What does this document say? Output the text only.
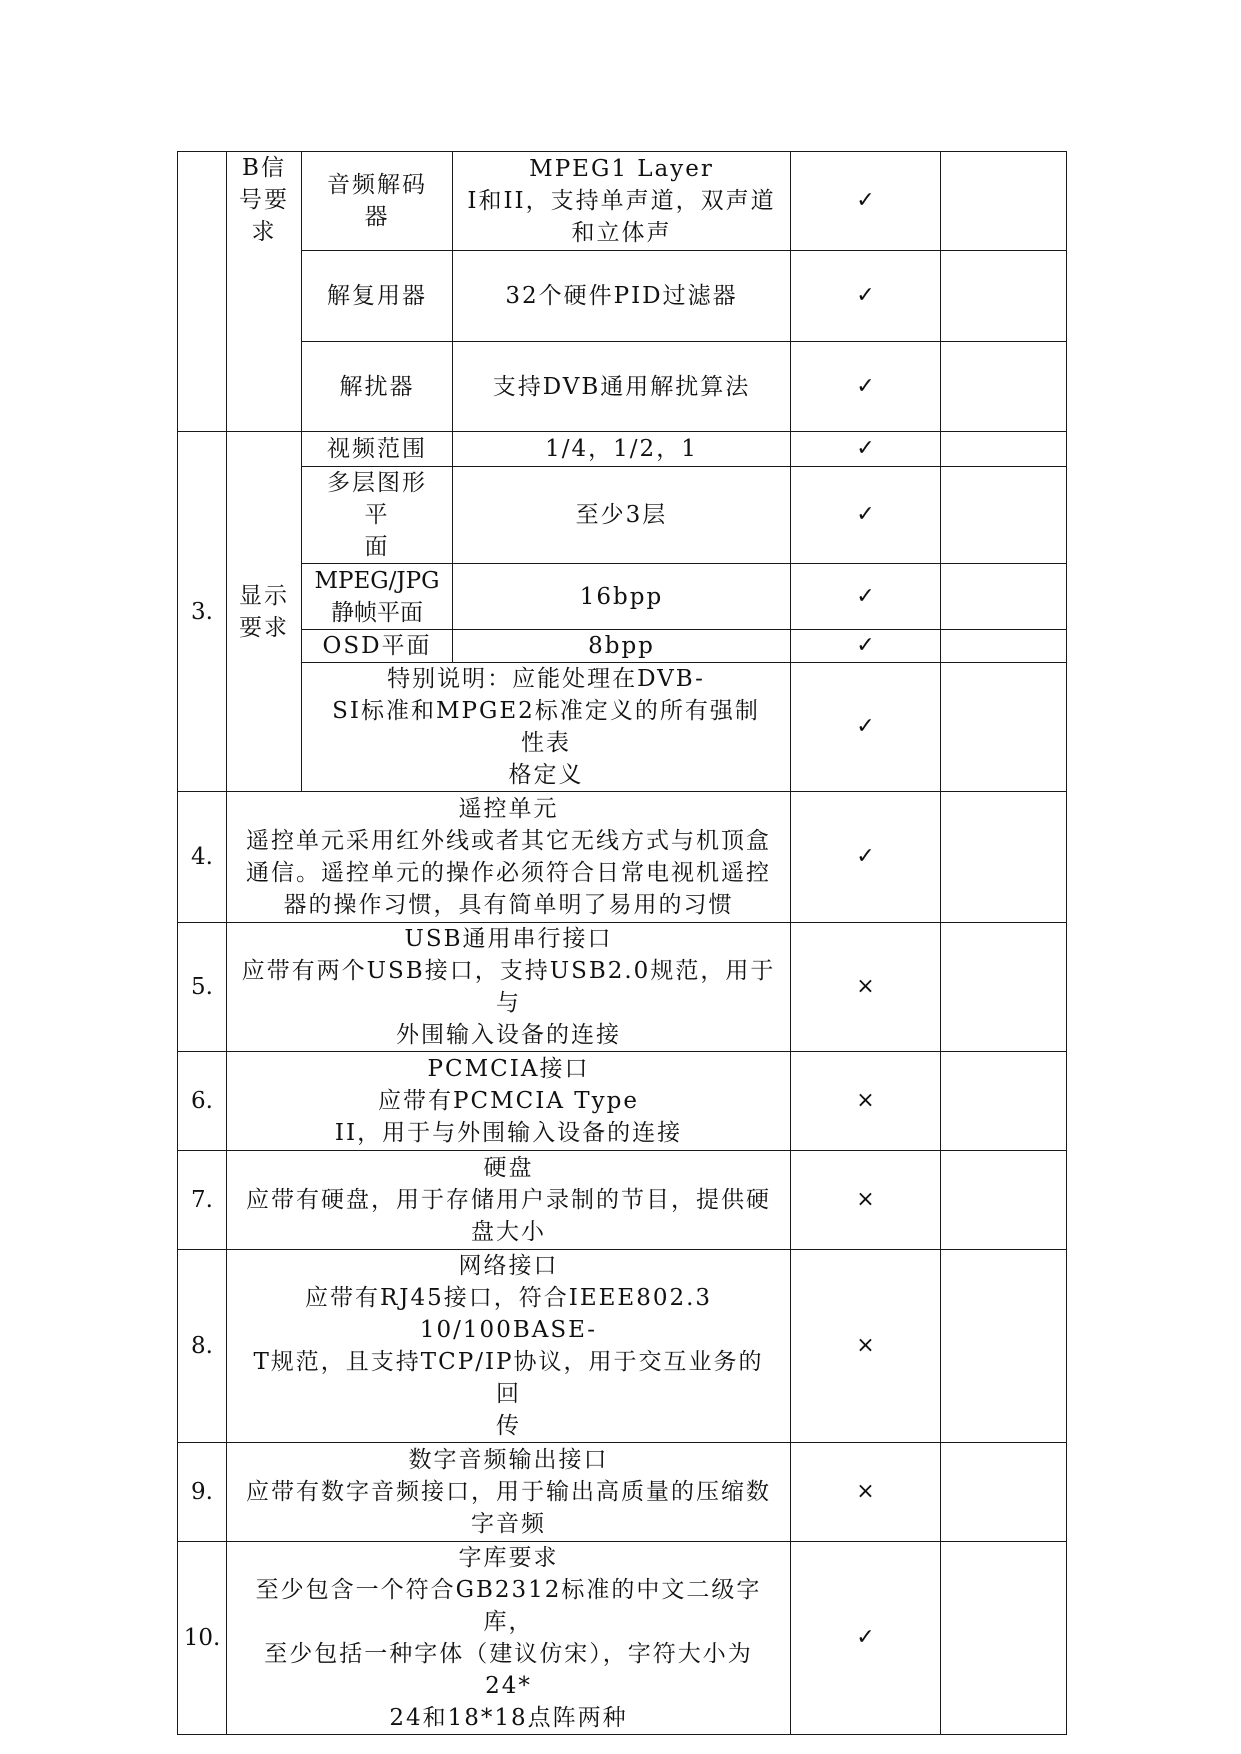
	B信
号要
求	音频解码器	MPEG1 Layer
I和II，支持单声道，双声道
和立体声	✓	
		解复用器	32个硬件PID过滤器	✓	
		解扰器	支持DVB通用解扰算法	✓	
3.	显示
要求	视频范围	1/4，1/2，1	✓	
		多层图形平
面	至少3层	✓	
		MPEG/JPG
静帧平面	16bpp	✓	
		OSD平面	8bpp	✓	
		特别说明：应能处理在DVB-
SI标准和MPGE2标准定义的所有强制性表
格定义		✓	
4.	遥控单元
遥控单元采用红外线或者其它无线方式与机顶盒
通信。遥控单元的操作必须符合日常电视机遥控
器的操作习惯，具有简单明了易用的习惯			✓	
5.	USB通用串行接口
应带有两个USB接口，支持USB2.0规范，用于与
外围输入设备的连接			×	
6.	PCMCIA接口
应带有PCMCIA Type
II，用于与外围输入设备的连接			×	
7.	硬盘
应带有硬盘，用于存储用户录制的节目，提供硬
盘大小			×	
8.	网络接口
应带有RJ45接口，符合IEEE802.3 10/100BASE-
T规范，且支持TCP/IP协议，用于交互业务的回
传			×	
9.	数字音频输出接口
应带有数字音频接口，用于输出高质量的压缩数
字音频			×	
10.	字库要求
至少包含一个符合GB2312标准的中文二级字库，
至少包括一种字体（建议仿宋），字符大小为24*
24和18*18点阵两种			✓	
